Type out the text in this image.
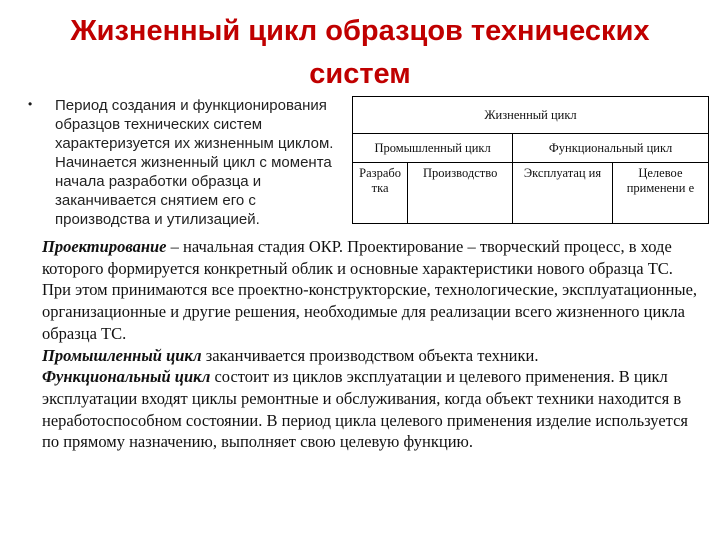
Жизненный цикл образцов технических
систем
• Период создания и функционирования образцов технических систем характеризуется их жизненным циклом. Начинается жизненный цикл с момента начала разработки образца и заканчивается снятием его с производства и утилизацией.

Жизненный цикл			
Промышленный цикл		Функциональный цикл	
Разрабо тка	Производство	Эксплуатац ия	Целевое применени е

Проектирование – начальная стадия ОКР. Проектирование – творческий процесс, в ходе которого формируется конкретный облик и основные характеристики нового образца ТС. При этом принимаются все проектно-конструкторские, технологические, эксплуатационные, организационные и другие решения, необходимые для реализации всего жизненного цикла образца ТС.
Промышленный цикл заканчивается производством объекта техники.
Функциональный цикл состоит из циклов эксплуатации и целевого применения. В цикл эксплуатации входят циклы ремонтные и обслуживания, когда объект техники находится в неработоспособном состоянии. В период цикла целевого применения изделие используется по прямому назначению, выполняет свою целевую функцию.
